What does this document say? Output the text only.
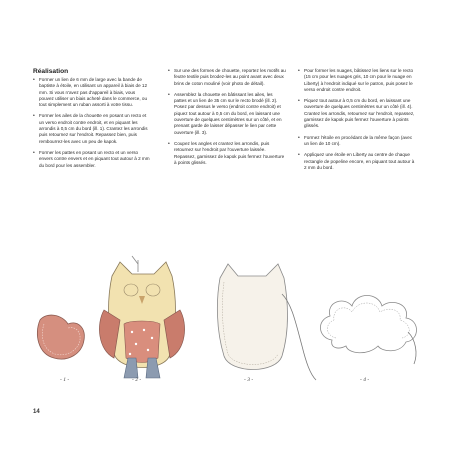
Réalisation
• Former un lien de 6 mm de large avec la bande de baptiste à étoile, en utilisant un appareil à biais de 12 mm. Si vous n'avez pas d'appareil à biais, vous pouvez utiliser un biais acheté dans le commerce, ou tout simplement un ruban assorti à votre tissu.
• Former les ailes de la chouette en posant un recto et un verso endroit contre endroit, et en piquant les arrondis à 0,5 cm du bord (ill. 1). Crantez les arrondis puis retournez sur l'endroit. Repassez bien, puis rembourrez-les avec un peu de kapok.
• Former les pattes en posant un recto et un verso envers contre envers et en piquant tout autour à 2 mm du bord pour les assembler.
• Sur une des formes de chouette, reportez les motifs au feutre textile puis brodez-les au point avant avec deux brins de coton mouliné (voir photo de détail).
• Assemblez la chouette en bâtissant les ailes, les pattes et un lien de 35 cm sur le recto brodé (ill. 2). Posez par dessus le verso (endroit contre endroit) et piquez tout autour à 0,5 cm du bord, en laissant une ouverture de quelques centimètres sur un côté, et en prenant garde de laisser dépasser le lien par cette ouverture (ill. 3).
• Coupez les angles et crantez les arrondis, puis retournez sur l'endroit par l'ouverture laissée. Repassez, garnissez de kapok puis fermez l'ouverture à points glissés.
• Pour former les nuages, bâtissez les liens sur le recto (15 cm pour les nuages gris, 10 cm pour le nuage en Liberty) à l'endroit indiqué sur le patron, puis posez le verso endroit contre endroit.
• Piquez tout autour à 0,5 cm du bord, en laissant une ouverture de quelques centimètres sur un côté (ill. 4). Crantez les arrondis, retournez sur l'endroit, repassez, garnissez de kapok puis fermez l'ouverture à points glissés.
• Formez l'étoile en procédant de la même façon (avec un lien de 10 cm).
• Appliquez une étoile en Liberty au centre de chaque rectangle de popeline encore, en piquant tout autour à 2 mm du bord.
- 1 -	- 2 -	- 3 -	- 4 -
14
